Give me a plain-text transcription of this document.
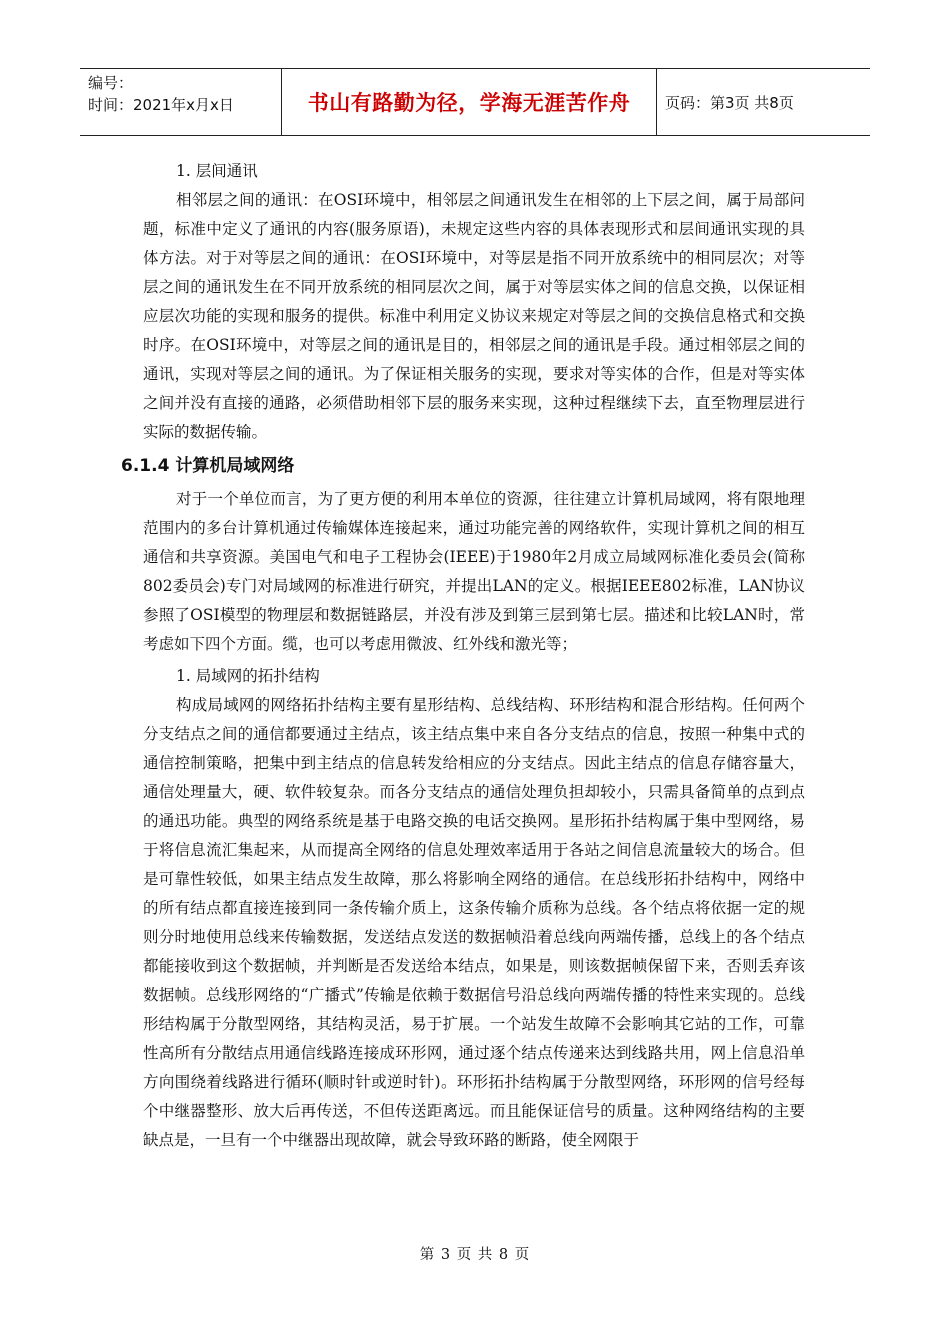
编号：
时间：2021年x月x日	书山有路勤为径，学海无涯苦作舟 页码：第3页 共8页

1. 层间通讯

相邻层之间的通讯：在OSI环境中，相邻层之间通讯发生在相邻的上下层之间，属于局部问题，标准中定义了通讯的内容(服务原语)，未规定这些内容的具体表现形式和层间通讯实现的具体方法。对于对等层之间的通讯：在OSI环境中，对等层是指不同开放系统中的相同层次；对等层之间的通讯发生在不同开放系统的相同层次之间，属于对等层实体之间的信息交换，以保证相应层次功能的实现和服务的提供。标准中利用定义协议来规定对等层之间的交换信息格式和交换时序。在OSI环境中，对等层之间的通讯是目的，相邻层之间的通讯是手段。通过相邻层之间的通讯，实现对等层之间的通讯。为了保证相关服务的实现，要求对等实体的合作，但是对等实体之间并没有直接的通路，必须借助相邻下层的服务来实现，这种过程继续下去，直至物理层进行实际的数据传输。

6.1.4 计算机局域网络

对于一个单位而言，为了更方便的利用本单位的资源，往往建立计算机局域网，将有限地理范围内的多台计算机通过传输媒体连接起来，通过功能完善的网络软件，实现计算机之间的相互通信和共享资源。美国电气和电子工程协会(IEEE)于1980年2月成立局域网标准化委员会(简称802委员会)专门对局域网的标准进行研究，并提出LAN的定义。根据IEEE802标准，LAN协议参照了OSI模型的物理层和数据链路层，并没有涉及到第三层到第七层。描述和比较LAN时，常考虑如下四个方面。缆，也可以考虑用微波、红外线和激光等；

1. 局域网的拓扑结构

构成局域网的网络拓扑结构主要有星形结构、总线结构、环形结构和混合形结构。任何两个分支结点之间的通信都要通过主结点，该主结点集中来自各分支结点的信息，按照一种集中式的通信控制策略，把集中到主结点的信息转发给相应的分支结点。因此主结点的信息存储容量大，通信处理量大，硬、软件较复杂。而各分支结点的通信处理负担却较小，只需具备简单的点到点的通迅功能。典型的网络系统是基于电路交换的电话交换网。星形拓扑结构属于集中型网络，易于将信息流汇集起来，从而提高全网络的信息处理效率适用于各站之间信息流量较大的场合。但是可靠性较低，如果主结点发生故障，那么将影响全网络的通信。在总线形拓扑结构中，网络中的所有结点都直接连接到同一条传输介质上，这条传输介质称为总线。各个结点将依据一定的规则分时地使用总线来传输数据，发送结点发送的数据帧沿着总线向两端传播，总线上的各个结点都能接收到这个数据帧，并判断是否发送给本结点，如果是，则该数据帧保留下来，否则丢弃该数据帧。总线形网络的“广播式”传输是依赖于数据信号沿总线向两端传播的特性来实现的。总线形结构属于分散型网络，其结构灵活，易于扩展。一个站发生故障不会影响其它站的工作，可靠性高所有分散结点用通信线路连接成环形网，通过逐个结点传递来达到线路共用，网上信息沿单方向围绕着线路进行循环(顺时针或逆时针)。环形拓扑结构属于分散型网络，环形网的信号经每个中继器整形、放大后再传送，不但传送距离远。而且能保证信号的质量。这种网络结构的主要缺点是，一旦有一个中继器出现故障，就会导致环路的断路，使全网限于

第 3 页 共 8 页
